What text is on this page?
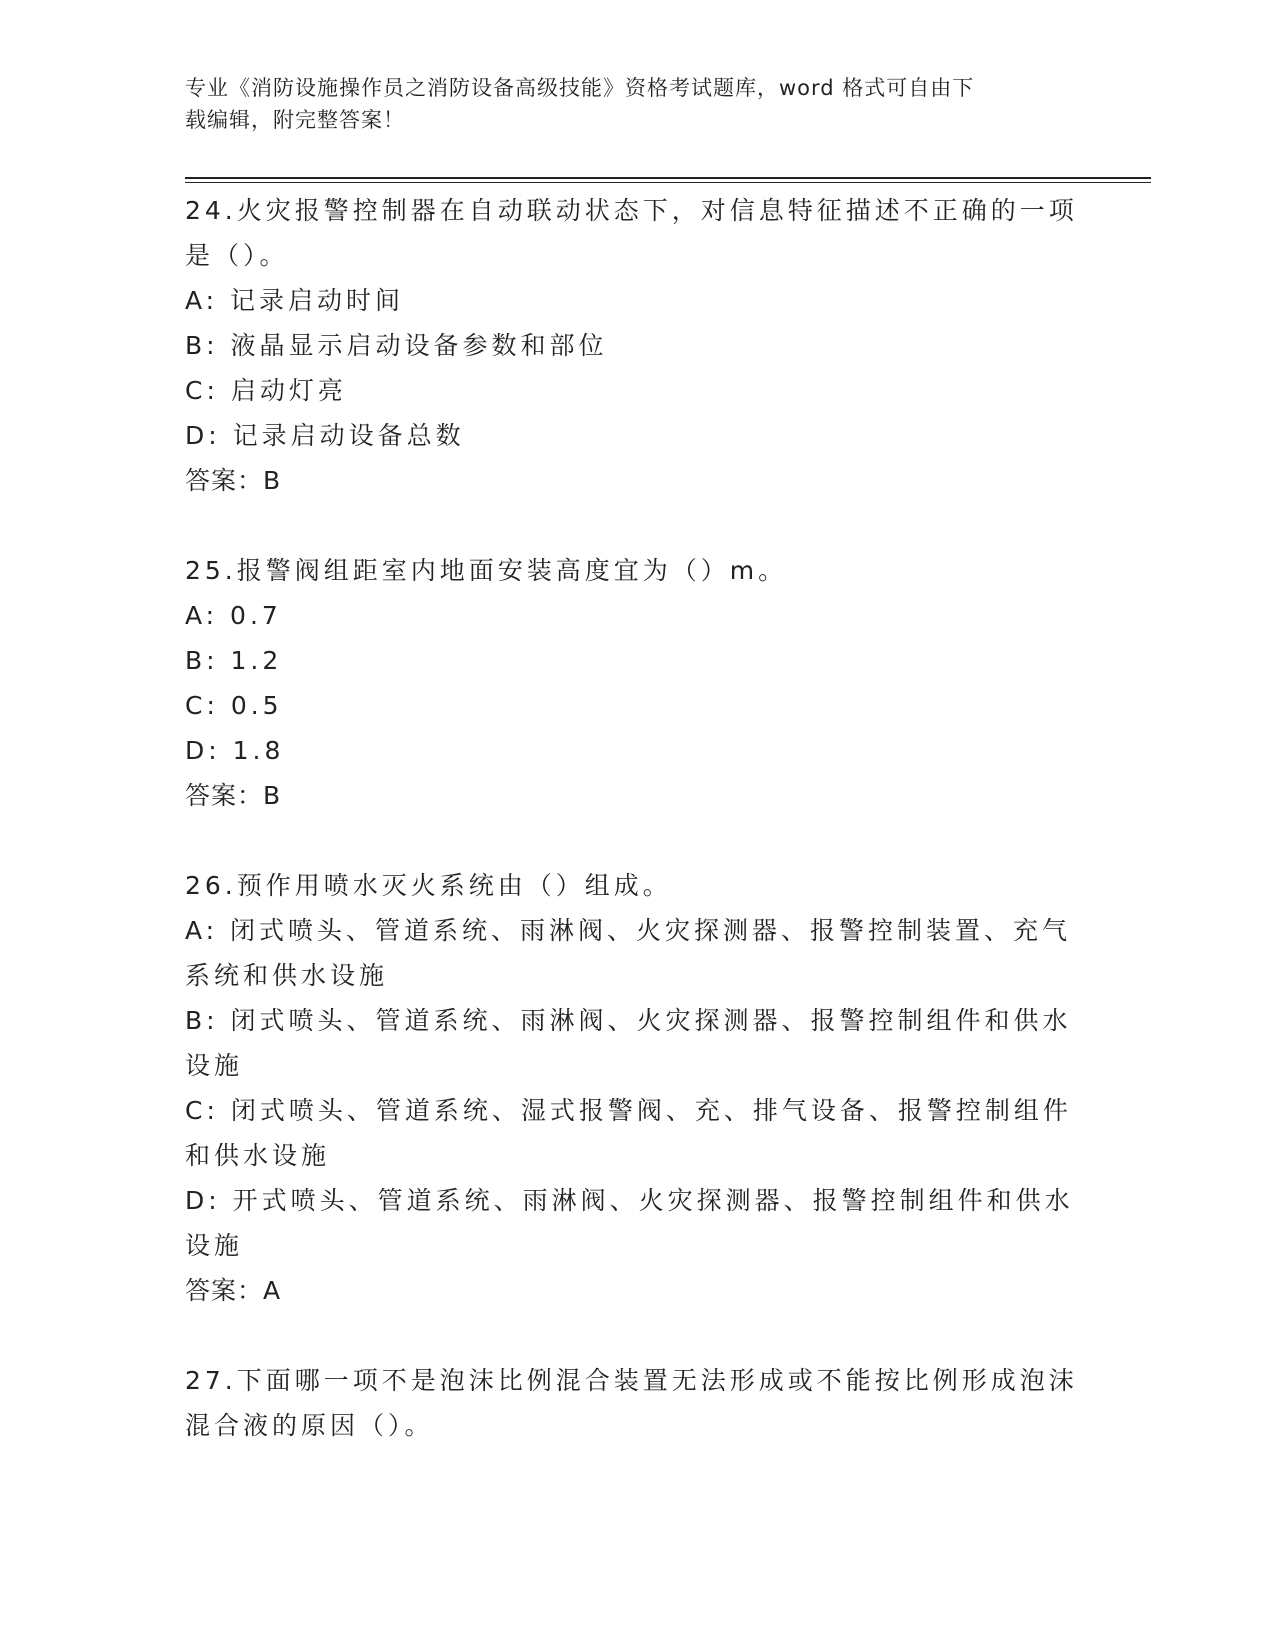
专业《消防设施操作员之消防设备高级技能》资格考试题库，word 格式可自由下
载编辑，附完整答案！
24.火灾报警控制器在自动联动状态下，对信息特征描述不正确的一项
是（）。
A: 记录启动时间
B: 液晶显示启动设备参数和部位
C: 启动灯亮
D: 记录启动设备总数
答案：B
25.报警阀组距室内地面安装高度宜为（）m。
A: 0.7
B: 1.2
C: 0.5
D: 1.8
答案：B
26.预作用喷水灭火系统由（）组成。
A: 闭式喷头、管道系统、雨淋阀、火灾探测器、报警控制装置、充气
系统和供水设施
B: 闭式喷头、管道系统、雨淋阀、火灾探测器、报警控制组件和供水
设施
C: 闭式喷头、管道系统、湿式报警阀、充、排气设备、报警控制组件
和供水设施
D: 开式喷头、管道系统、雨淋阀、火灾探测器、报警控制组件和供水
设施
答案：A
27.下面哪一项不是泡沫比例混合装置无法形成或不能按比例形成泡沫
混合液的原因（）。
